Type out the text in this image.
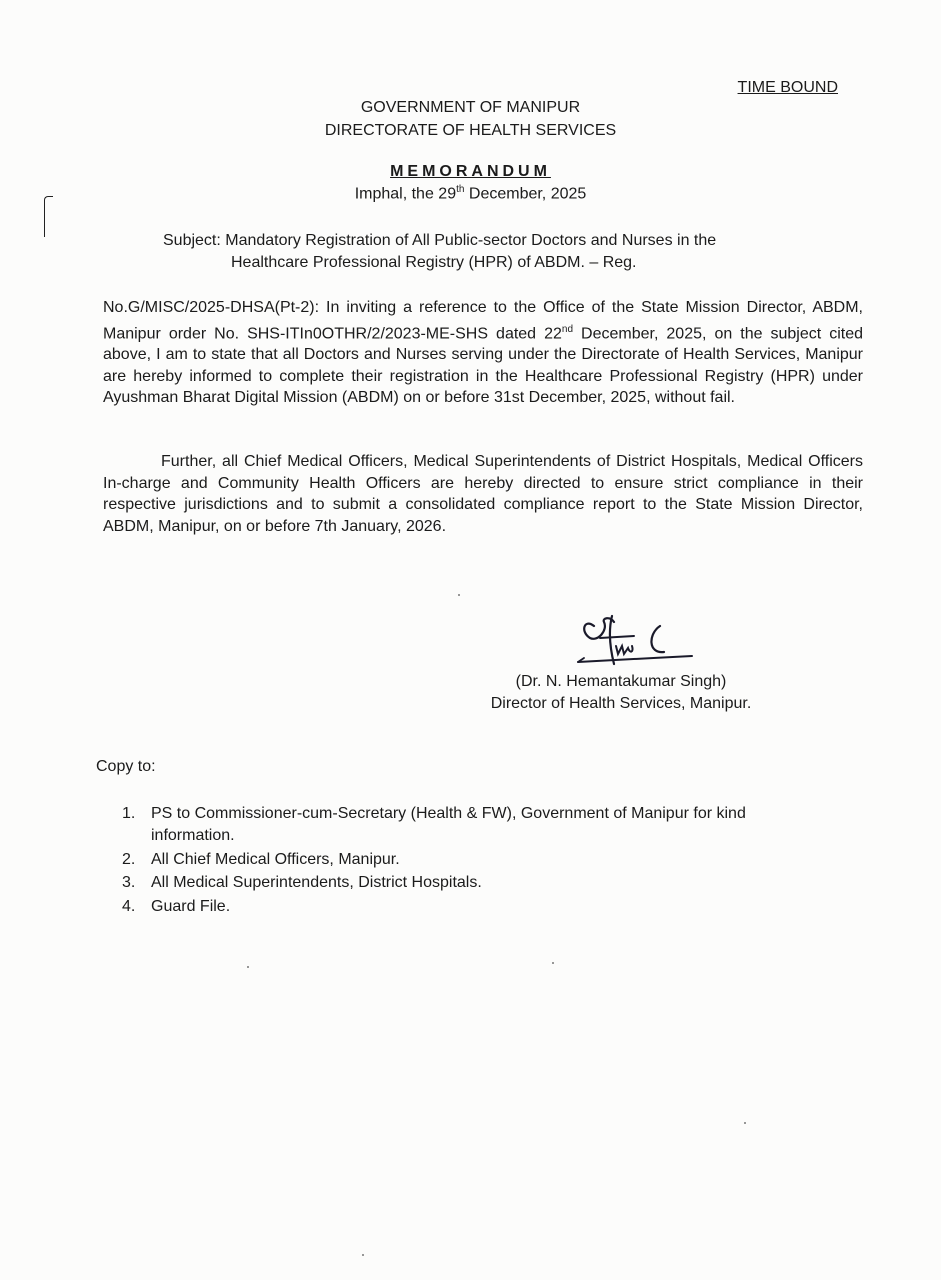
TIME BOUND
GOVERNMENT OF MANIPUR
DIRECTORATE OF HEALTH SERVICES
MEMORANDUM
Imphal, the 29th December, 2025
Subject: Mandatory Registration of All Public-sector Doctors and Nurses in the
Healthcare Professional Registry (HPR) of ABDM. – Reg.
No.G/MISC/2025-DHSA(Pt-2): In inviting a reference to the Office of the State Mission Director, ABDM, Manipur order No. SHS-ITIn0OTHR/2/2023-ME-SHS dated 22nd December, 2025, on the subject cited above, I am to state that all Doctors and Nurses serving under the Directorate of Health Services, Manipur are hereby informed to complete their registration in the Healthcare Professional Registry (HPR) under Ayushman Bharat Digital Mission (ABDM) on or before 31st December, 2025, without fail.
Further, all Chief Medical Officers, Medical Superintendents of District Hospitals, Medical Officers In-charge and Community Health Officers are hereby directed to ensure strict compliance in their respective jurisdictions and to submit a consolidated compliance report to the State Mission Director, ABDM, Manipur, on or before 7th January, 2026.
(Dr. N. Hemantakumar Singh)
Director of Health Services, Manipur.
Copy to:
1. PS to Commissioner-cum-Secretary (Health & FW), Government of Manipur for kind information.
2. All Chief Medical Officers, Manipur.
3. All Medical Superintendents, District Hospitals.
4. Guard File.
